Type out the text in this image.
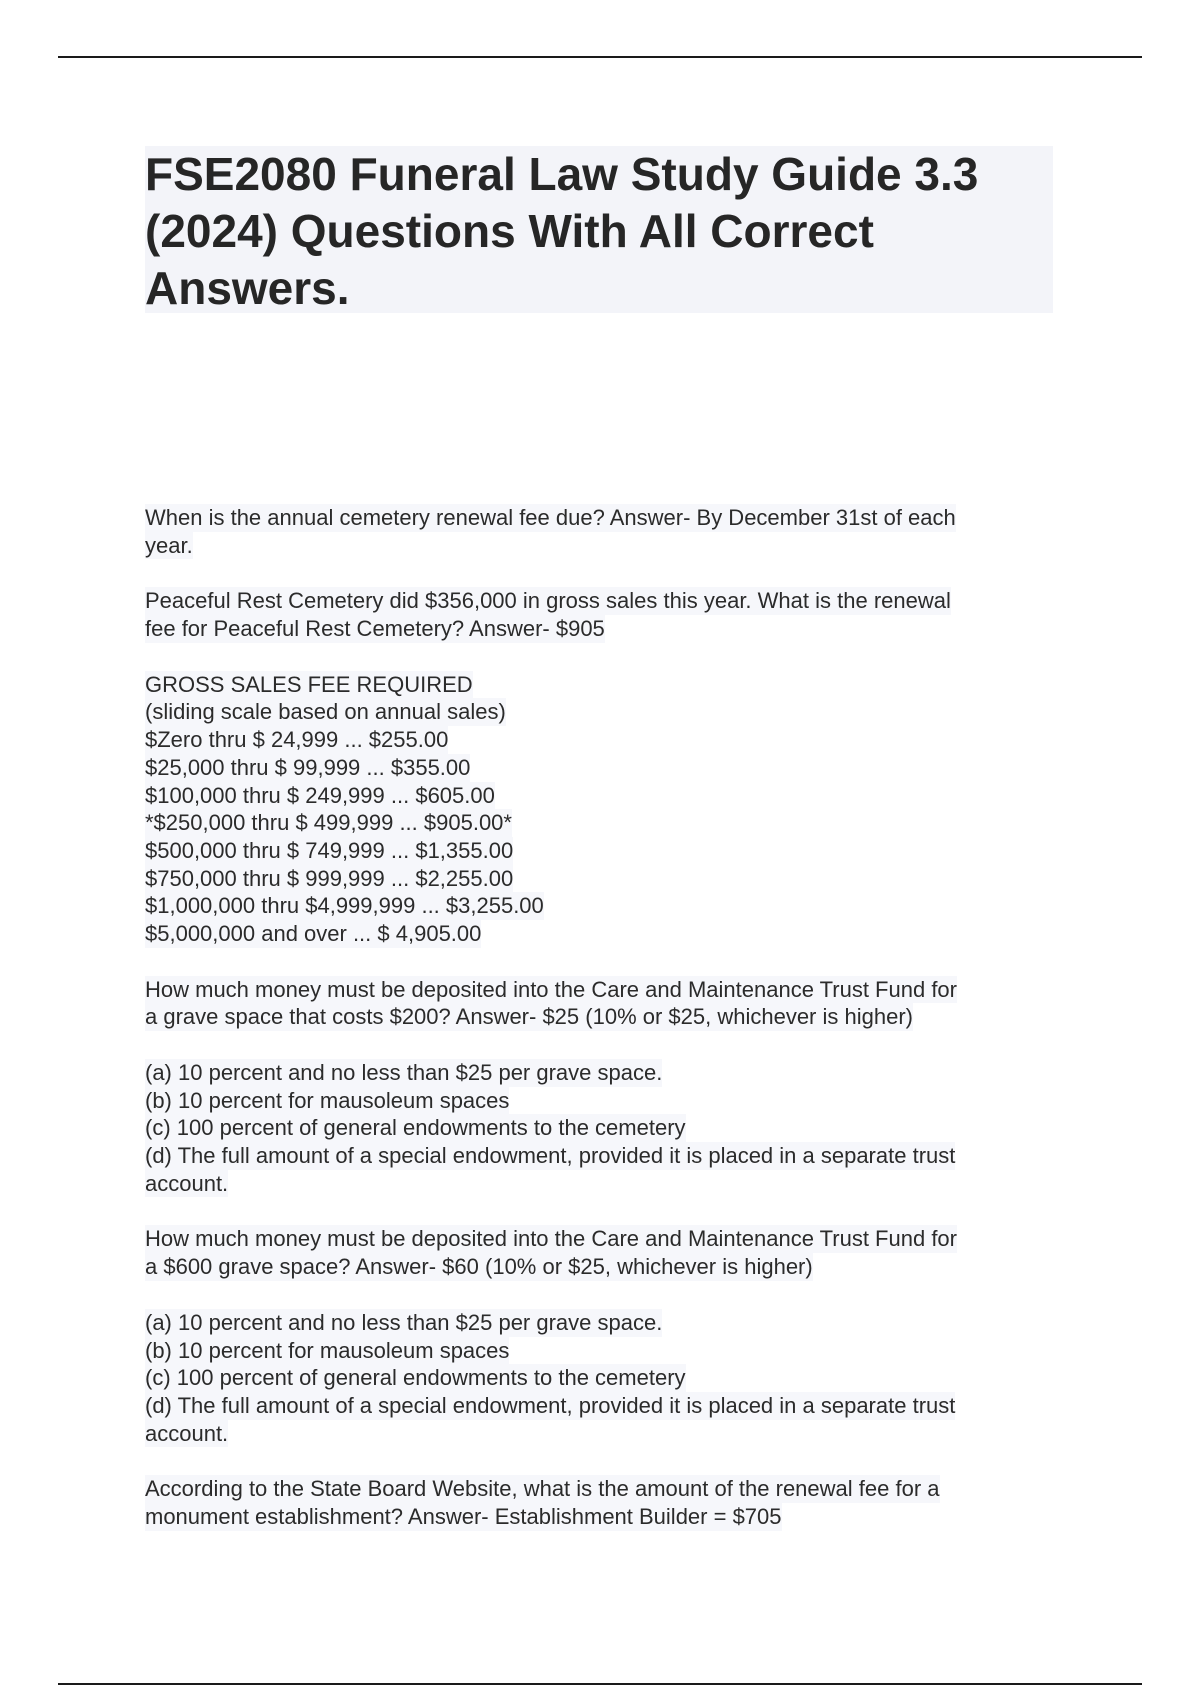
FSE2080 Funeral Law Study Guide 3.3
(2024) Questions With All Correct
Answers.
When is the annual cemetery renewal fee due? Answer- By December 31st of each
year.
Peaceful Rest Cemetery did $356,000 in gross sales this year. What is the renewal
fee for Peaceful Rest Cemetery? Answer- $905
GROSS SALES FEE REQUIRED
(sliding scale based on annual sales)
$Zero thru $ 24,999 ... $255.00
$25,000 thru $ 99,999 ... $355.00
$100,000 thru $ 249,999 ... $605.00
*$250,000 thru $ 499,999 ... $905.00*
$500,000 thru $ 749,999 ... $1,355.00
$750,000 thru $ 999,999 ... $2,255.00
$1,000,000 thru $4,999,999 ... $3,255.00
$5,000,000 and over ... $ 4,905.00
How much money must be deposited into the Care and Maintenance Trust Fund for
a grave space that costs $200? Answer- $25 (10% or $25, whichever is higher)
(a) 10 percent and no less than $25 per grave space.
(b) 10 percent for mausoleum spaces
(c) 100 percent of general endowments to the cemetery
(d) The full amount of a special endowment, provided it is placed in a separate trust
account.
How much money must be deposited into the Care and Maintenance Trust Fund for
a $600 grave space? Answer- $60 (10% or $25, whichever is higher)
(a) 10 percent and no less than $25 per grave space.
(b) 10 percent for mausoleum spaces
(c) 100 percent of general endowments to the cemetery
(d) The full amount of a special endowment, provided it is placed in a separate trust
account.
According to the State Board Website, what is the amount of the renewal fee for a
monument establishment? Answer- Establishment Builder = $705
